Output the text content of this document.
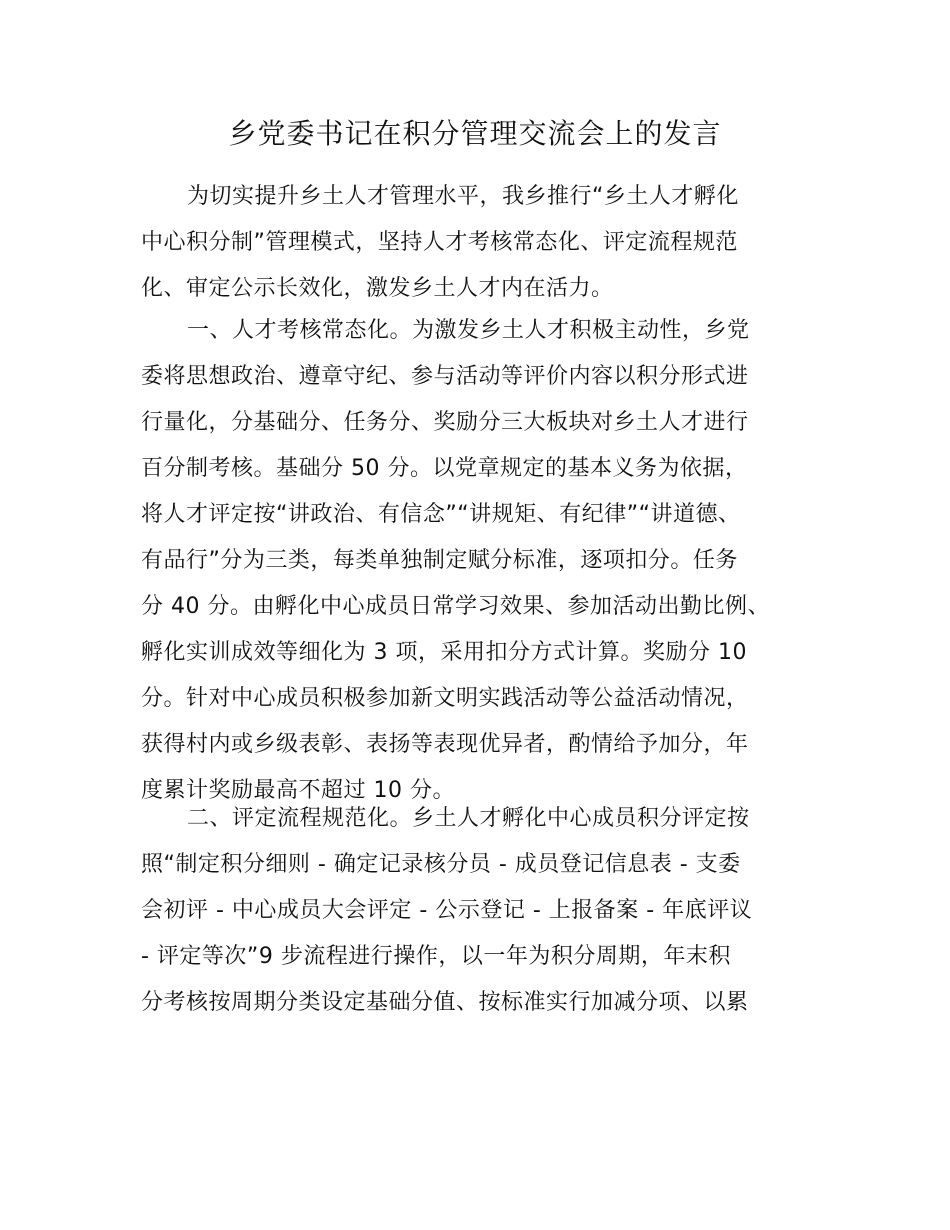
乡党委书记在积分管理交流会上的发言
为切实提升乡土人才管理水平，我乡推行“乡土人才孵化
中心积分制”管理模式，坚持人才考核常态化、评定流程规范
化、审定公示长效化，激发乡土人才内在活力。
一、人才考核常态化。为激发乡土人才积极主动性，乡党
委将思想政治、遵章守纪、参与活动等评价内容以积分形式进
行量化，分基础分、任务分、奖励分三大板块对乡土人才进行
百分制考核。基础分 50 分。以党章规定的基本义务为依据，
将人才评定按“讲政治、有信念”“讲规矩、有纪律”“讲道德、
有品行”分为三类，每类单独制定赋分标准，逐项扣分。任务
分 40 分。由孵化中心成员日常学习效果、参加活动出勤比例、
孵化实训成效等细化为 3 项，采用扣分方式计算。奖励分 10
分。针对中心成员积极参加新文明实践活动等公益活动情况，
获得村内或乡级表彰、表扬等表现优异者，酌情给予加分，年
度累计奖励最高不超过 10 分。
二、评定流程规范化。乡土人才孵化中心成员积分评定按
照“制定积分细则 - 确定记录核分员 - 成员登记信息表 - 支委
会初评 - 中心成员大会评定 - 公示登记 - 上报备案 - 年底评议
- 评定等次”9 步流程进行操作，以一年为积分周期，年末积
分考核按周期分类设定基础分值、按标准实行加减分项、以累
